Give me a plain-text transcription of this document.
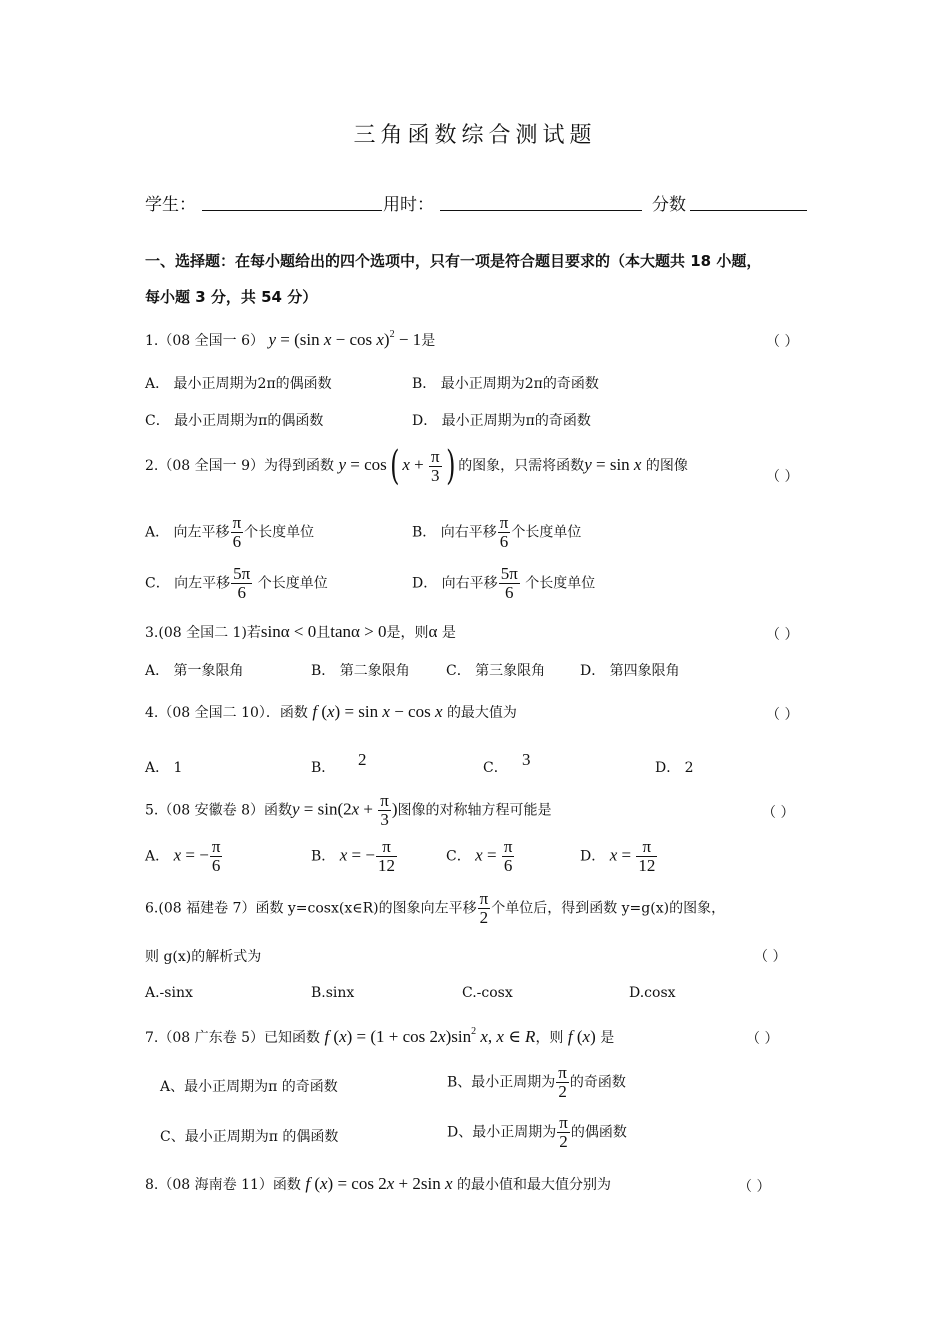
三角函数综合测试题
学生：	用时：	分数
一、选择题：在每小题给出的四个选项中，只有一项是符合题目要求的（本大题共 18 小题，
每小题 3 分，共 54 分）
1.（08 全国一 6） y = (sin x − cos x)$^2$ − 1是	（ ）
A． 最小正周期为2π的偶函数	B． 最小正周期为2π的奇函数
C． 最小正周期为π的偶函数	D． 最小正周期为π的奇函数
2.（08 全国一 9）为得到函数 y = cos( $x + \frac{\pi}{3}$ ) 的图象，只需将函数y = sin x 的图像
（ ）
A． 向左平移 $\frac{\pi}{6}$ 个长度单位	B． 向右平移 $\frac{\pi}{6}$ 个长度单位
C． 向左平移 $\frac{5\pi}{6}$ 个长度单位	D． 向右平移 $\frac{5\pi}{6}$ 个长度单位
3.(08 全国二 1)若sinα < 0且tanα > 0是，则α 是	（ ）
A． 第一象限角	B． 第二象限角	C． 第三象限角 D． 第四象限角
4.（08 全国二 10）．函数 f (x) = sin x − cos x 的最大值为	（ ）
A． 1	B． 2	C． 3	D． 2
5.（08 安徽卷 8）函数$y = \sin(2x + \frac{\pi}{3}$ )图像的对称轴方程可能是	（ ）
A． x = − $\frac{\pi}{6}$	B． x = − $\frac{\pi}{12}$	C． $x = \frac{\pi}{6}$	D． $x = \frac{\pi}{12}$
6.(08 福建卷 7）函数 y=cosx(x∈R)的图象向左平移 $\frac{\pi}{2}$ 个单位后，得到函数 y=g(x)的图象，
则 g(x)的解析式为	（ ）
A.-sinx	B.sinx	C.-cosx	D.cosx
7.（08 广东卷 5）已知函数 f $(x) = (1 + \cos 2x)\sin^2$ x, x ∈ R，则 f (x) 是	（ ）
A、最小正周期为π 的奇函数	B、最小正周期为 $\frac{\pi}{2}$ 的奇函数
C、最小正周期为π 的偶函数	D、最小正周期为 $\frac{\pi}{2}$ 的偶函数
8.（08 海南卷 11）函数 f (x) = cos 2x + 2sin x 的最小值和最大值分别为	（ ）
